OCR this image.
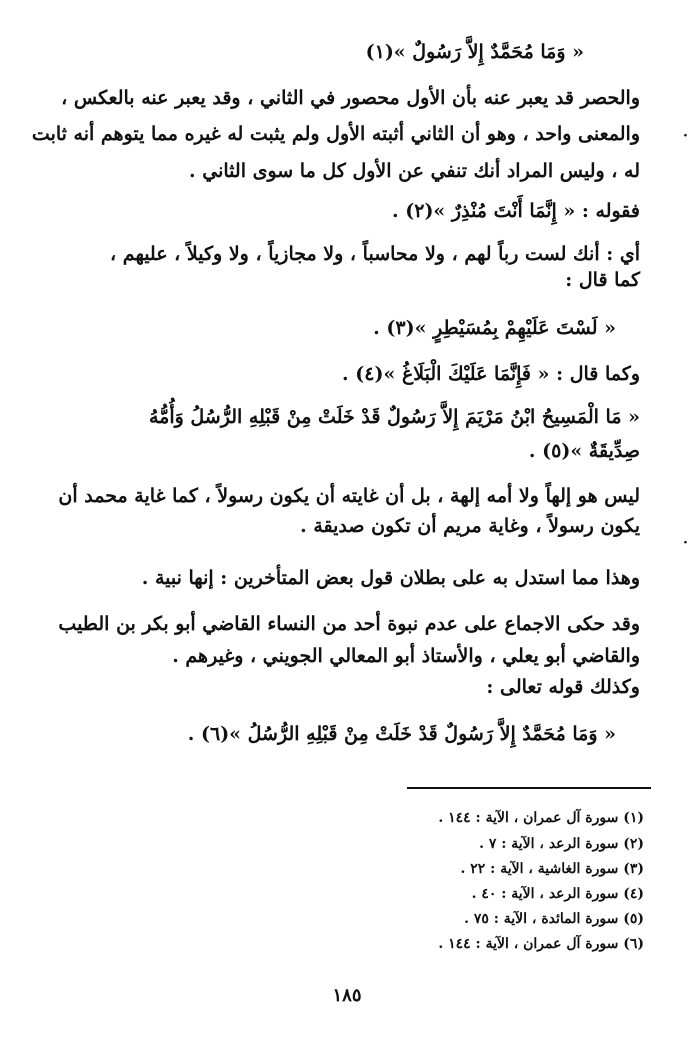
« وَمَا مُحَمَّدٌ إِلاَّ رَسُولٌ »(١)
والحصر قد يعبر عنه بأن الأول محصور في الثاني ، وقد يعبر عنه بالعكس ،
والمعنى واحد ، وهو أن الثاني أثبته الأول ولم يثبت له غيره مما يتوهم أنه ثابت
له ، وليس المراد أنك تنفي عن الأول كل ما سوى الثاني .
فقوله : « إِنَّمَا أَنْتَ مُنْذِرٌ »(٢) .
أي : أنك لست رباً لهم ، ولا محاسباً ، ولا مجازياً ، ولا وكيلاً ، عليهم ،
كما قال :
« لَسْتَ عَلَيْهِمْ بِمُسَيْطِرٍ »(٣) .
وكما قال : « فَإِنَّمَا عَلَيْكَ الْبَلَاغُ »(٤) .
« مَا الْمَسِيحُ ابْنُ مَرْيَمَ إِلاَّ رَسُولٌ قَدْ خَلَتْ مِنْ قَبْلِهِ الرُّسُلُ وَأُمُّهُ
صِدِّيقَةٌ »(٥) .
ليس هو إلهاً ولا أمه إلهة ، بل أن غايته أن يكون رسولاً ، كما غاية محمد أن
يكون رسولاً ، وغاية مريم أن تكون صديقة .
وهذا مما استدل به على بطلان قول بعض المتأخرين : إنها نبية .
وقد حكى الاجماع على عدم نبوة أحد من النساء القاضي أبو بكر بن الطيب
والقاضي أبو يعلي ، والأستاذ أبو المعالي الجويني ، وغيرهم .
وكذلك قوله تعالى :
« وَمَا مُحَمَّدٌ إِلاَّ رَسُولٌ قَدْ خَلَتْ مِنْ قَبْلِهِ الرُّسُلُ »(٦) .
(١) سورة آل عمران ، الآية : ١٤٤ .
(٢) سورة الرعد ، الآية : ٧ .
(٣) سورة الغاشية ، الآية : ٢٢ .
(٤) سورة الرعد ، الآية : ٤٠ .
(٥) سورة المائدة ، الآية : ٧٥ .
(٦) سورة آل عمران ، الآية : ١٤٤ .
١٨٥
·
·
